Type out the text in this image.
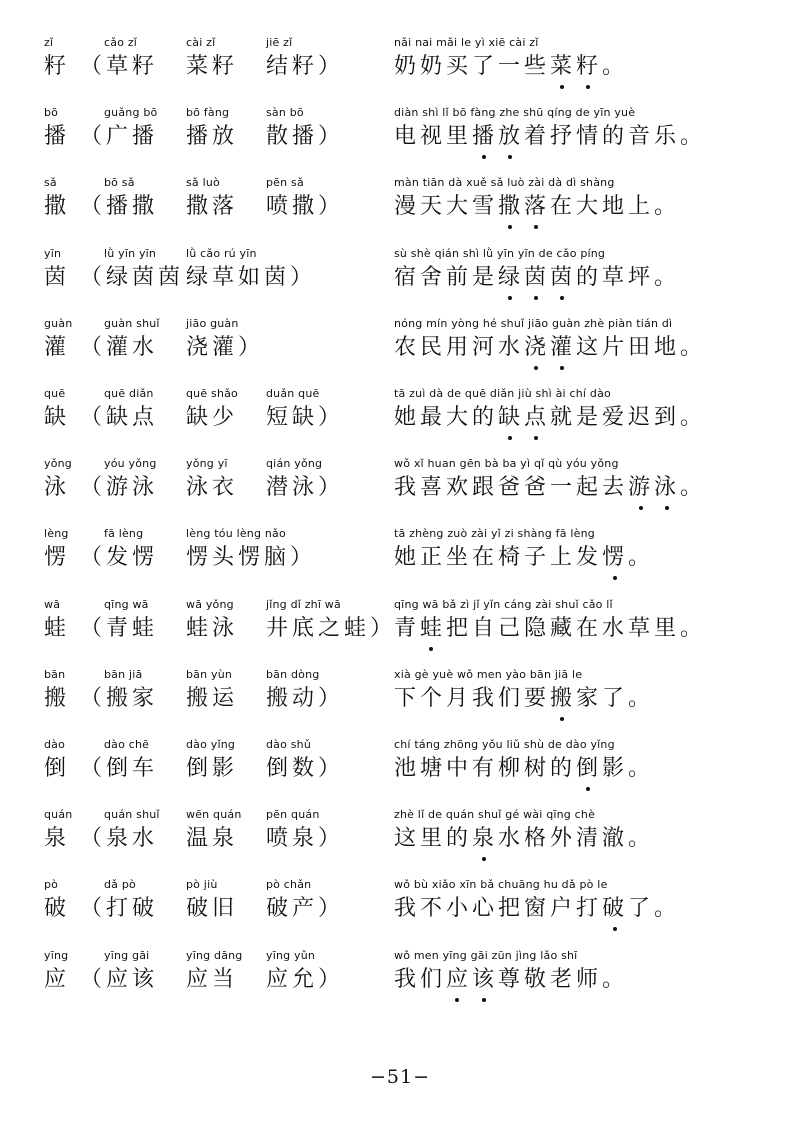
zǐ
籽
cǎo zǐ
（草籽
cài zǐ
菜籽
jiē zǐ
结籽）
nǎi nai mǎi le yì xiē cài zǐ
奶奶买了一些菜籽。
bō
播
guǎng bō
（广播
bō fàng
播放
sàn bō
散播）
diàn shì lǐ bō fàng zhe shū qíng de yīn yuè
电视里播放着抒情的音乐。
sǎ
撒
bō sǎ
（播撒
sǎ luò
撒落
pēn sǎ
喷撒）
màn tiān dà xuě sǎ luò zài dà dì shàng
漫天大雪撒落在大地上。
yīn
茵
lǜ yīn yīn
（绿茵茵
lǜ cǎo rú yīn
绿草如茵）
sù shè qián shì lǜ yīn yīn de cǎo píng
宿舍前是绿茵茵的草坪。
guàn
灌
guàn shuǐ
（灌水
jiāo guàn
浇灌）
nóng mín yòng hé shuǐ jiāo guàn zhè piàn tián dì
农民用河水浇灌这片田地。
quē
缺
quē diǎn
（缺点
quē shǎo
缺少
duǎn quē
短缺）
tā zuì dà de quē diǎn jiù shì ài chí dào
她最大的缺点就是爱迟到。
yǒng
泳
yóu yǒng
（游泳
yǒng yī
泳衣
qián yǒng
潜泳）
wǒ xǐ huan gēn bà ba yì qǐ qù yóu yǒng
我喜欢跟爸爸一起去游泳。
lèng
愣
fā lèng
（发愣
lèng tóu lèng nǎo
愣头愣脑）
tā zhèng zuò zài yǐ zi shàng fā lèng
她正坐在椅子上发愣。
wā
蛙
qīng wā
（青蛙
wā yǒng
蛙泳
jǐng dǐ zhī wā
井底之蛙）
qīng wā bǎ zì jǐ yǐn cáng zài shuǐ cǎo lǐ
青蛙把自己隐藏在水草里。
bān
搬
bān jiā
（搬家
bān yùn
搬运
bān dòng
搬动）
xià gè yuè wǒ men yào bān jiā le
下个月我们要搬家了。
dào
倒
dào chē
（倒车
dào yǐng
倒影
dào shǔ
倒数）
chí táng zhōng yǒu liǔ shù de dào yǐng
池塘中有柳树的倒影。
quán
泉
quán shuǐ
（泉水
wēn quán
温泉
pēn quán
喷泉）
zhè lǐ de quán shuǐ gé wài qīng chè
这里的泉水格外清澈。
pò
破
dǎ pò
（打破
pò jiù
破旧
pò chǎn
破产）
wǒ bù xiǎo xīn bǎ chuāng hu dǎ pò le
我不小心把窗户打破了。
yīng
应
yīng gāi
（应该
yīng dāng
应当
yīng yǔn
应允）
wǒ men yīng gāi zūn jìng lǎo shī
我们应该尊敬老师。
−51−
